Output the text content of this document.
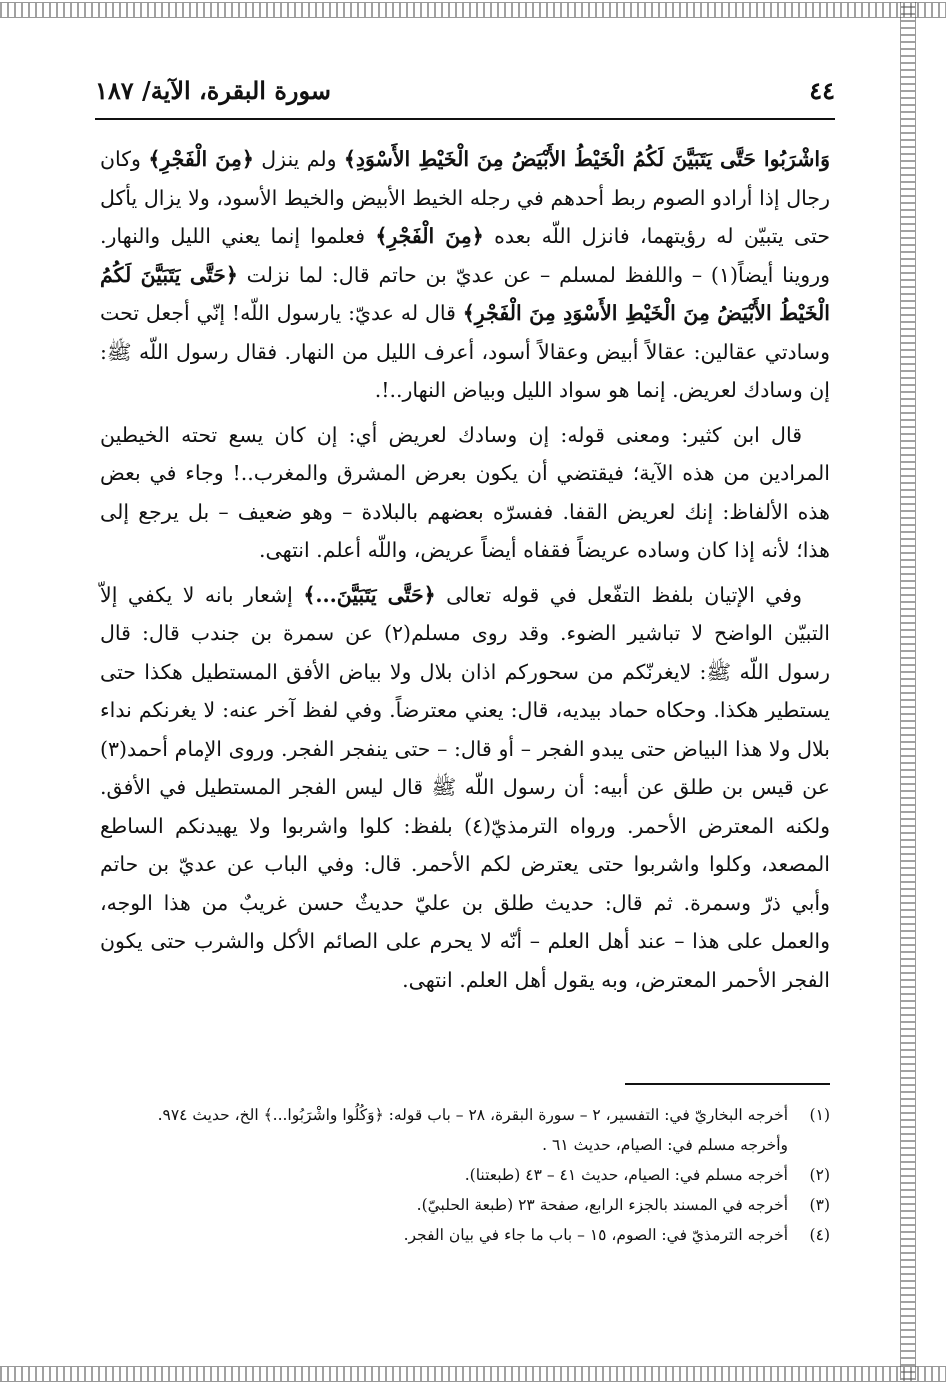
٤٤
سورة البقرة، الآية/ ١٨٧

وَاشْرَبُوا حَتَّى يَتَبَيَّنَ لَكُمُ الْخَيْطُ الأَبْيَضُ مِنَ الْخَيْطِ الأَسْوَدِ﴾ ولم ينزل ﴿مِنَ الْفَجْرِ﴾ وكان رجال إذا أرادو الصوم ربط أحدهم في رجله الخيط الأبيض والخيط الأسود، ولا يزال يأكل حتى يتبيّن له رؤيتهما، فانزل اللّه بعده ﴿مِنَ الْفَجْرِ﴾ فعلموا إنما يعني الليل والنهار. وروينا أيضاً(١) – واللفظ لمسلم – عن عديّ بن حاتم قال: لما نزلت ﴿حَتَّى يَتَبَيَّنَ لَكُمُ الْخَيْطُ الأَبْيَضُ مِنَ الْخَيْطِ الأَسْوَدِ مِنَ الْفَجْرِ﴾ قال له عديّ: يارسول اللّه! إنّي أجعل تحت وسادتي عقالين: عقالاً أبيض وعقالاً أسود، أعرف الليل من النهار. فقال رسول اللّه ﷺ: إن وسادك لعريض. إنما هو سواد الليل وبياض النهار..!.

قال ابن كثير: ومعنى قوله: إن وسادك لعريض أي: إن كان يسع تحته الخيطين المرادين من هذه الآية؛ فيقتضي أن يكون بعرض المشرق والمغرب..! وجاء في بعض هذه الألفاظ: إنك لعريض القفا. ففسرّه بعضهم بالبلادة – وهو ضعيف – بل يرجع إلى هذا؛ لأنه إذا كان وساده عريضاً فقفاه أيضاً عريض، واللّه أعلم. انتهى.

وفي الإتيان بلفظ التفّعل في قوله تعالى ﴿حَتَّى يَتَبَيَّنَ...﴾ إشعار بانه لا يكفي إلاّ التبيّن الواضح لا تباشير الضوء. وقد روى مسلم(٢) عن سمرة بن جندب قال: قال رسول اللّه ﷺ: لايغرنّكم من سحوركم اذان بلال ولا بياض الأفق المستطيل هكذا حتى يستطير هكذا. وحكاه حماد بيديه، قال: يعني معترضاً. وفي لفظ آخر عنه: لا يغرنكم نداء بلال ولا هذا البياض حتى يبدو الفجر – أو قال: – حتى ينفجر الفجر. وروى الإمام أحمد(٣) عن قيس بن طلق عن أبيه: أن رسول اللّه ﷺ قال ليس الفجر المستطيل في الأفق. ولكنه المعترض الأحمر. ورواه الترمذيّ(٤) بلفظ: كلوا واشربوا ولا يهيدنكم الساطع المصعد، وكلوا واشربوا حتى يعترض لكم الأحمر. قال: وفي الباب عن عديّ بن حاتم وأبي ذرّ وسمرة. ثم قال: حديث طلق بن عليّ حديثٌ حسن غريبٌ من هذا الوجه، والعمل على هذا – عند أهل العلم – أنّه لا يحرم على الصائم الأكل والشرب حتى يكون الفجر الأحمر المعترض، وبه يقول أهل العلم. انتهى.

(١)
أخرجه البخاريّ في: التفسير، ٢ – سورة البقرة، ٢٨ – باب قوله: ﴿وَكُلُوا واشْرَبُوا...﴾ الخ، حديث ٩٧٤.

وأخرجه مسلم في: الصيام، حديث ٦١ .

(٢)
أخرجه مسلم في: الصيام، حديث ٤١ – ٤٣ (طبعتنا).

(٣)
أخرجه في المسند بالجزء الرابع، صفحة ٢٣ (طبعة الحلبيّ).

(٤)
أخرجه الترمذيّ في: الصوم، ١٥ – باب ما جاء في بيان الفجر.
